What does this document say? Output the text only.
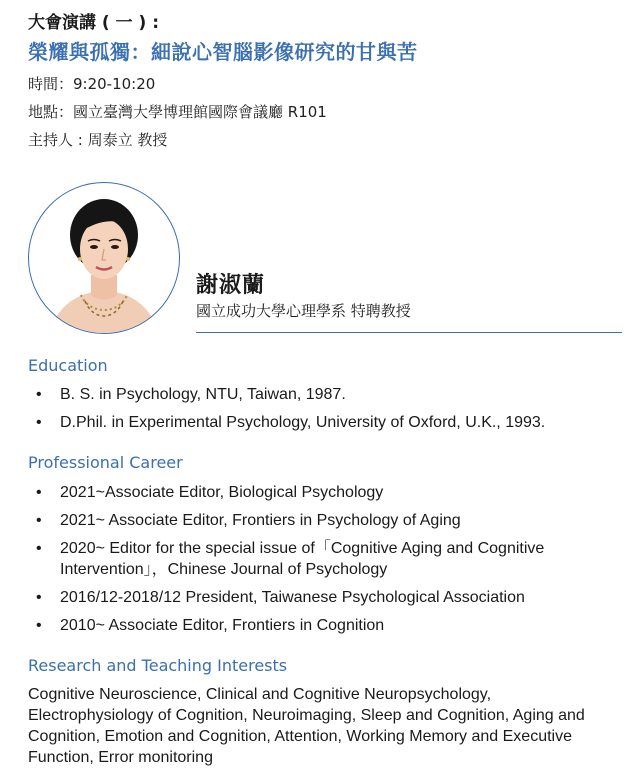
大會演講 ( 一 ) :
榮耀與孤獨：細說心智腦影像研究的甘與苦
時間：9:20-10:20
地點：國立臺灣大學博理館國際會議廳 R101
主持人 : 周泰立 教授
謝淑蘭
國立成功大學心理學系 特聘教授
Education
•	B. S. in Psychology, NTU, Taiwan, 1987.
•	D.Phil. in Experimental Psychology, University of Oxford, U.K., 1993.
Professional Career
•	2021~Associate Editor, Biological Psychology
•	2021~ Associate Editor, Frontiers in Psychology of Aging
•	2020~ Editor for the special issue of「Cognitive Aging and Cognitive Intervention」，Chinese Journal of Psychology
•	2016/12-2018/12 President, Taiwanese Psychological Association
•	2010~ Associate Editor, Frontiers in Cognition
Research and Teaching Interests
Cognitive Neuroscience, Clinical and Cognitive Neuropsychology, Electrophysiology of Cognition, Neuroimaging, Sleep and Cognition, Aging and Cognition, Emotion and Cognition, Attention, Working Memory and Executive Function, Error monitoring
